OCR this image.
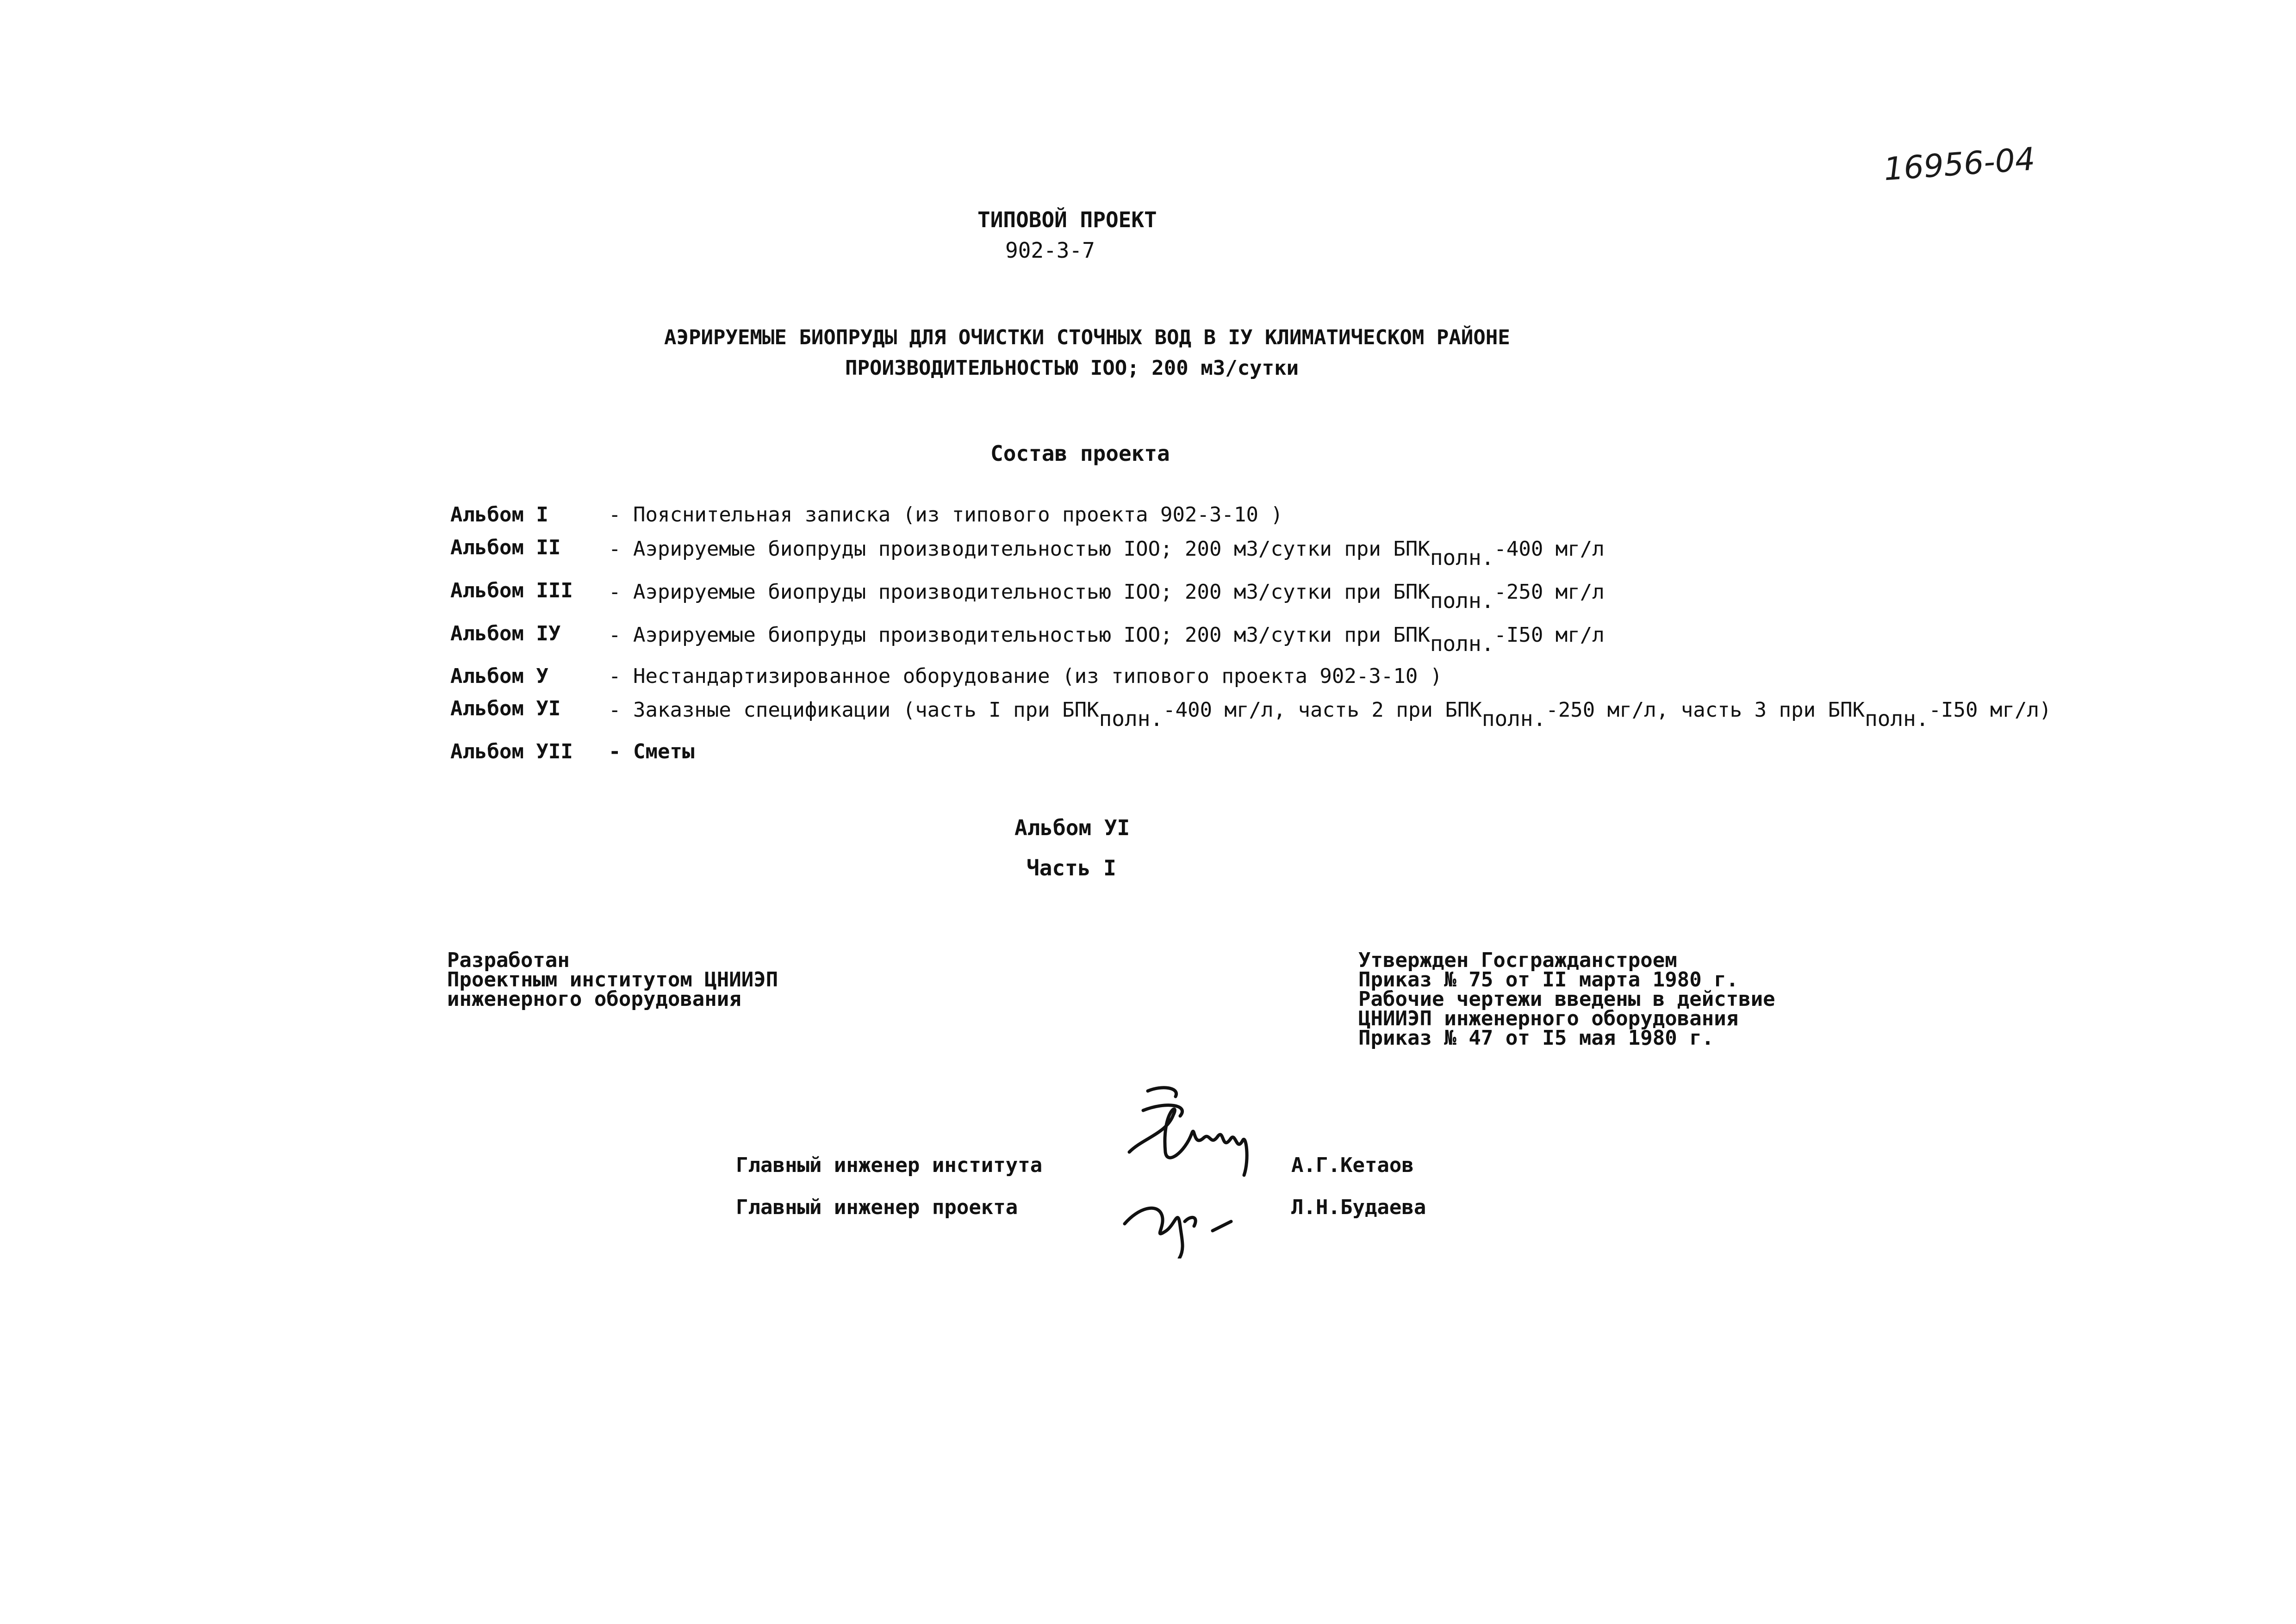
16956-04
ТИПОВОЙ ПРОЕКТ
902-3-7
АЭРИРУЕМЫЕ БИОПРУДЫ ДЛЯ ОЧИСТКИ СТОЧНЫХ ВОД В IУ КЛИМАТИЧЕСКОМ РАЙОНЕ
ПРОИЗВОДИТЕЛЬНОСТЬЮ IOO; 200 м3/сутки
Состав проекта
Альбом I	- Пояснительная записка (из типового проекта 902-3-10 )
Альбом II - Аэрируемые биопруды производительностью IOO; 200 м3/сутки при БПКполн.-400 мг/л
Альбом III - Аэрируемые биопруды производительностью IOO; 200 м3/сутки при БПКполн.-250 мг/л
Альбом IУ - Аэрируемые биопруды производительностью IOO; 200 м3/сутки при БПКполн.-I50 мг/л
Альбом У	- Нестандартизированное оборудование (из типового проекта 902-3-10 )
Альбом УI - Заказные спецификации (часть I при БПКполн.-400 мг/л, часть 2 при БПКполн.-250 мг/л, часть 3 при БПКполн.-I50 мг/л)
Альбом УII - Сметы
Альбом УI
Часть I
Разработан
Проектным институтом ЦНИИЭП
инженерного оборудования
Утвержден Госгражданстроем
Приказ № 75 от II марта 1980 г.
Рабочие чертежи введены в действие
ЦНИИЭП инженерного оборудования
Приказ № 47 от I5 мая 1980 г.
Главный инженер института	А.Г.Кетаов
Главный инженер проекта	Л.Н.Будаева
